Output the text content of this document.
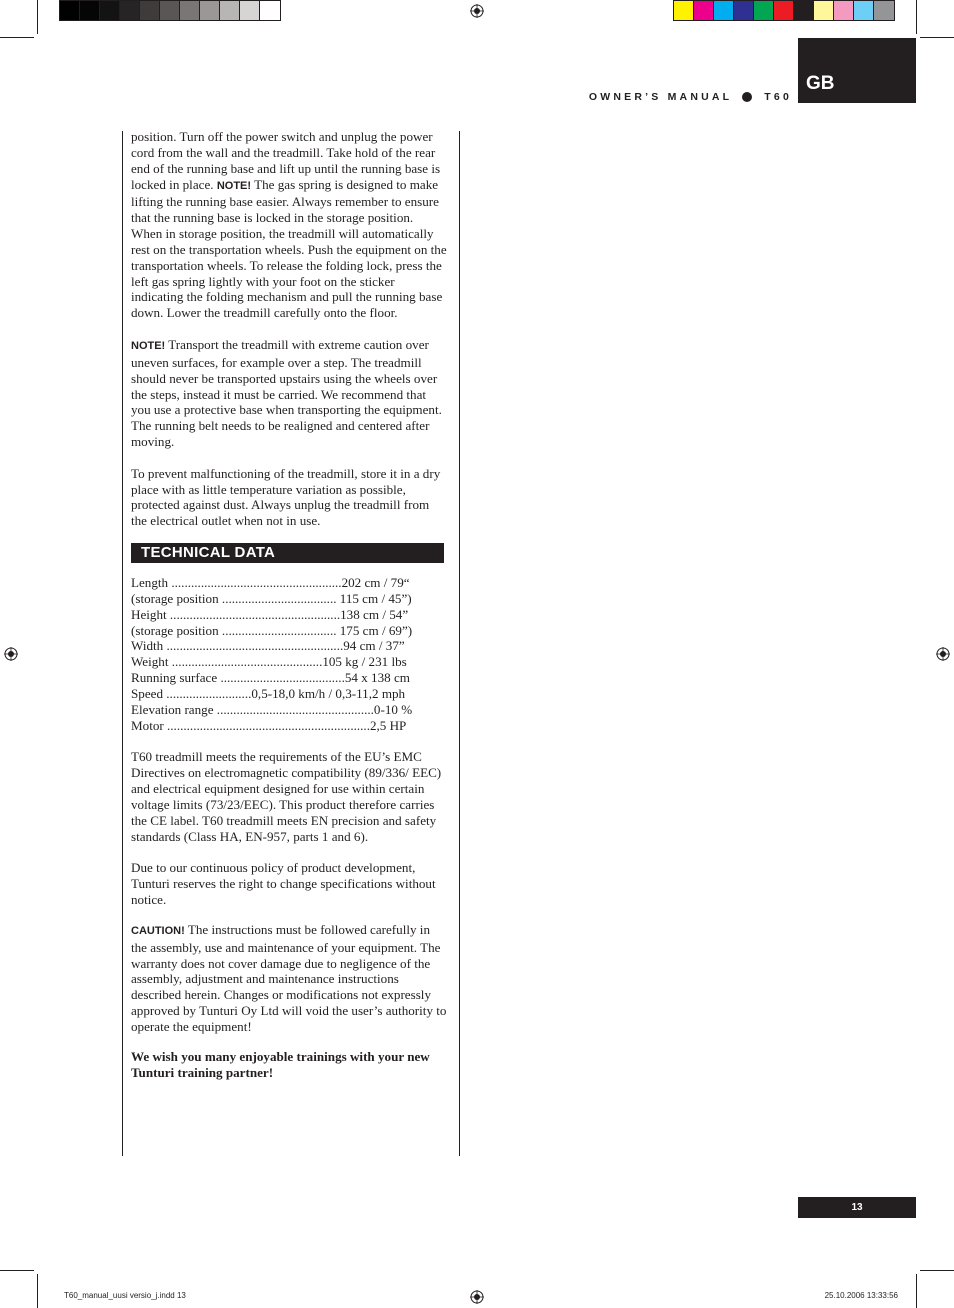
OWNER’S MANUAL	T60
GB

position. Turn off the power switch and unplug the power cord from the wall and the treadmill. Take hold of the rear end of the running base and lift up until the running base is locked in place. NOTE! The gas spring is designed to make lifting the running base easier. Always remember to ensure that the running base is locked in the storage position. When in storage position, the treadmill will automatically rest on the transportation wheels. Push the equipment on the transportation wheels. To release the folding lock, press the left gas spring lightly with your foot on the sticker indicating the folding mechanism and pull the running base down. Lower the treadmill carefully onto the floor.

NOTE! Transport the treadmill with extreme caution over uneven surfaces, for example over a step. The treadmill should never be transported upstairs using the wheels over the steps, instead it must be carried. We recommend that you use a protective base when transporting the equipment. The running belt needs to be realigned and centered after moving.

To prevent malfunctioning of the treadmill, store it in a dry place with as little temperature variation as possible, protected against dust. Always unplug the treadmill from the electrical outlet when not in use.

TECHNICAL DATA
Length ....................................................202 cm / 79“
(storage position ................................... 115 cm / 45”)
Height ....................................................138 cm / 54”
(storage position ................................... 175 cm / 69”)
Width ......................................................94 cm / 37”
Weight ..............................................105 kg / 231 lbs
Running surface ......................................54 x 138 cm
Speed ..........................0,5-18,0 km/h / 0,3-11,2 mph
Elevation range ................................................0-10 %
Motor ..............................................................2,5 HP

T60 treadmill meets the requirements of the EU’s EMC Directives on electromagnetic compatibility (89/336/ EEC) and electrical equipment designed for use within certain voltage limits (73/23/EEC). This product therefore carries the CE label. T60 treadmill meets EN precision and safety standards (Class HA, EN-957, parts 1 and 6).

Due to our continuous policy of product development, Tunturi reserves the right to change specifications without notice.

CAUTION! The instructions must be followed carefully in the assembly, use and maintenance of your equipment. The warranty does not cover damage due to negligence of the assembly, adjustment and maintenance instructions described herein. Changes or modifications not expressly approved by Tunturi Oy Ltd will void the user’s authority to operate the equipment!

We wish you many enjoyable trainings with your new Tunturi training partner!

13
T60_manual_uusi versio_j.indd 13	25.10.2006 13:33:56
